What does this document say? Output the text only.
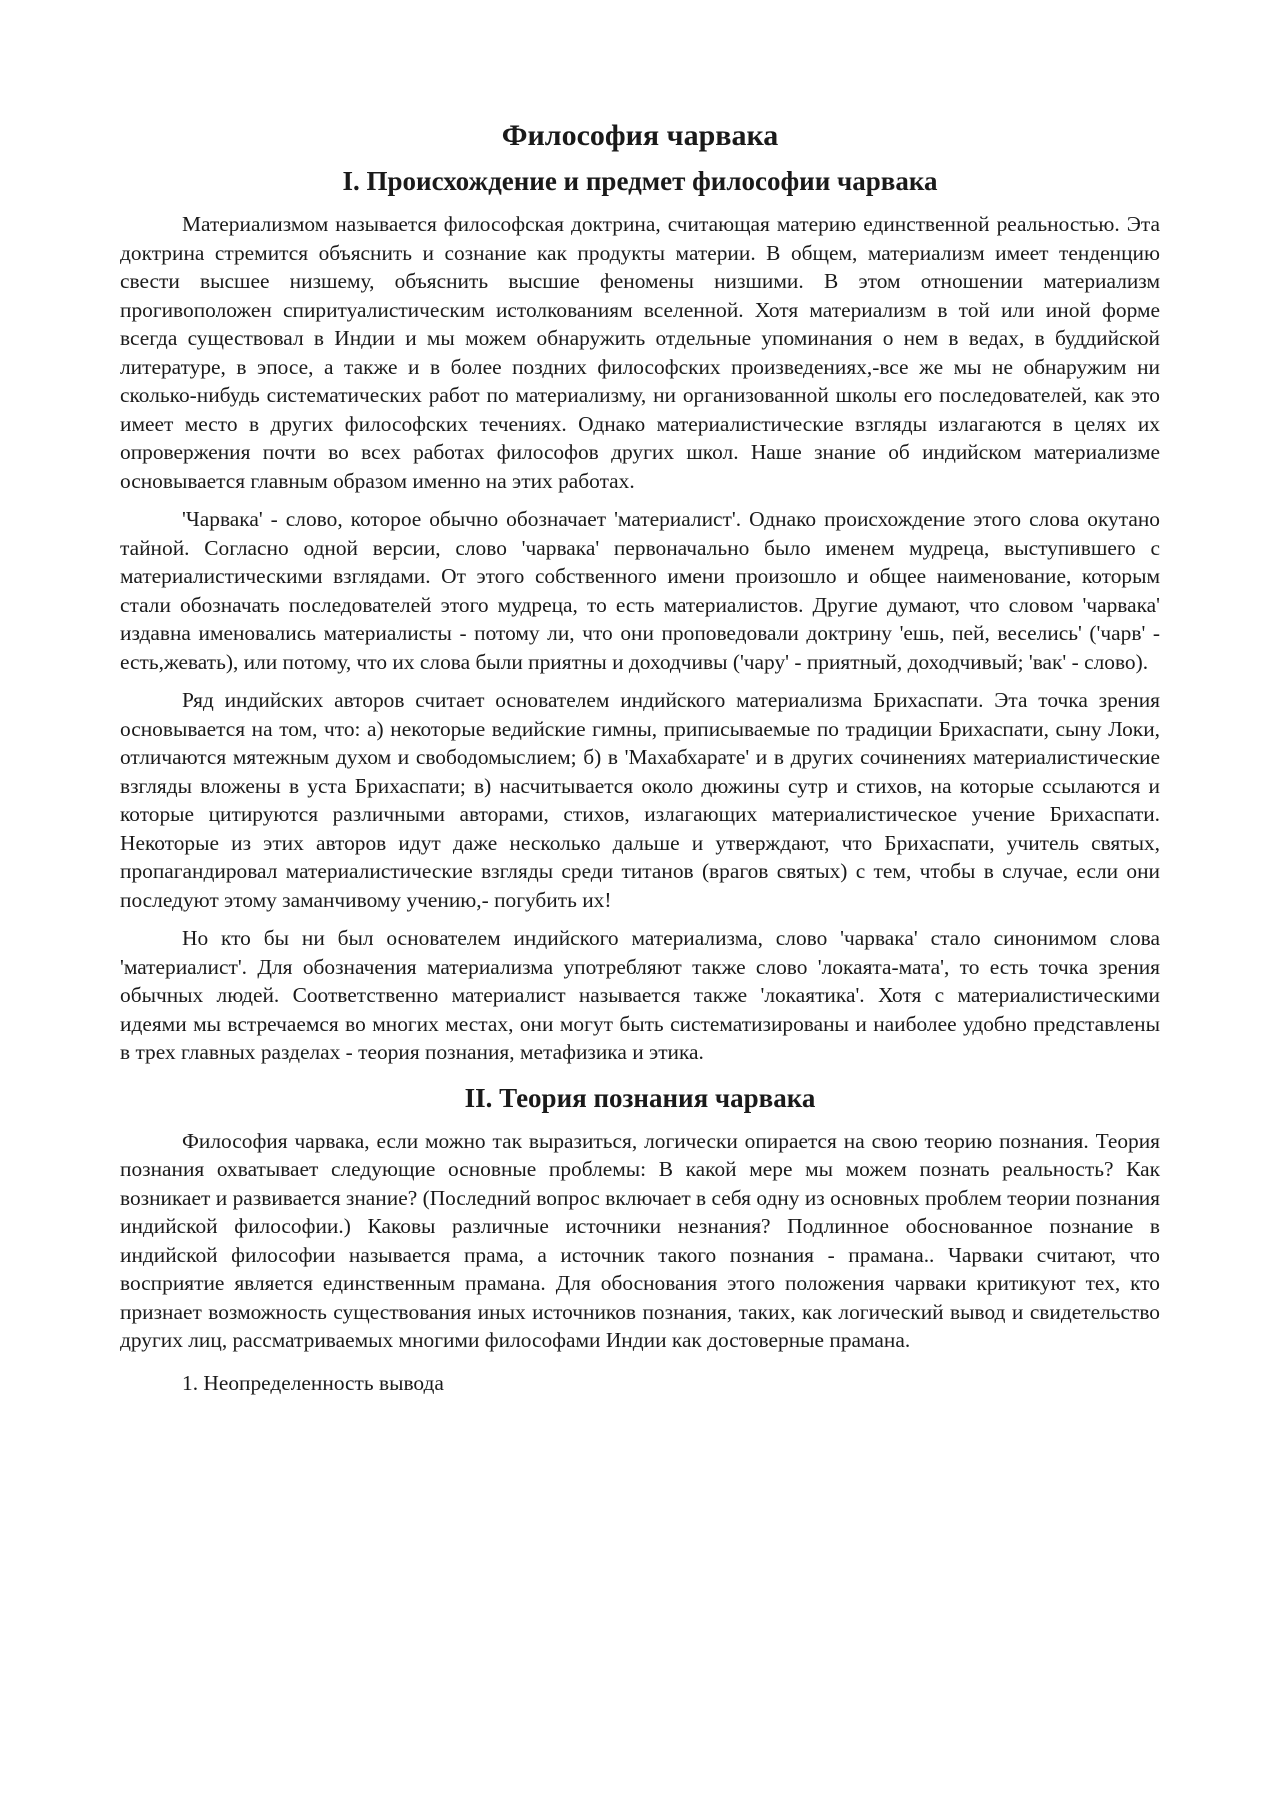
Философия чарвака
I. Происхождение и предмет философии чарвака

Материализмом называется философская доктрина, считающая материю единственной реальностью. Эта доктрина стремится объяснить и сознание как продукты материи. В общем, материализм имеет тенденцию свести высшее низшему, объяснить высшие феномены низшими. В этом отношении материализм прогивоположен спиритуалистическим истолкованиям вселенной. Хотя материализм в той или иной форме всегда существовал в Индии и мы можем обнаружить отдельные упоминания о нем в ведах, в буддийской литературе, в эпосе, а также и в более поздних философских произведениях,-все же мы не обнаружим ни сколько-нибудь систематических работ по материализму, ни организованной школы его последователей, как это имеет место в других философских течениях. Однако материалистические взгляды излагаются в целях их опровержения почти во всех работах философов других школ. Наше знание об индийском материализме основывается главным образом именно на этих работах.

'Чарвака' - слово, которое обычно обозначает 'материалист'. Однако происхождение этого слова окутано тайной. Согласно одной версии, слово 'чарвака' первоначально было именем мудреца, выступившего с материалистическими взглядами. От этого собственного имени произошло и общее наименование, которым стали обозначать последователей этого мудреца, то есть материалистов. Другие думают, что словом 'чарвака' издавна именовались материалисты - потому ли, что они проповедовали доктрину 'ешь, пей, веселись' ('чарв' - есть,жевать), или потому, что их слова были приятны и доходчивы ('чару' - приятный, доходчивый; 'вак' - слово).

Ряд индийских авторов считает основателем индийского материализма Брихаспати. Эта точка зрения основывается на том, что: а) некоторые ведийские гимны, приписываемые по традиции Брихаспати, сыну Локи, отличаются мятежным духом и свободомыслием; б) в 'Махабхарате' и в других сочинениях материалистические взгляды вложены в уста Брихаспати; в) насчитывается около дюжины сутр и стихов, на которые ссылаются и которые цитируются различными авторами, стихов, излагающих материалистическое учение Брихаспати. Некоторые из этих авторов идут даже несколько дальше и утверждают, что Брихаспати, учитель святых, пропагандировал материалистические взгляды среди титанов (врагов святых) с тем, чтобы в случае, если они последуют этому заманчивому учению,- погубить их!

Но кто бы ни был основателем индийского материализма, слово 'чарвака' стало синонимом слова 'материалист'. Для обозначения материализма употребляют также слово 'локаята-мата', то есть точка зрения обычных людей. Соответственно материалист называется также 'локаятика'. Хотя с материалистическими идеями мы встречаемся во многих местах, они могут быть систематизированы и наиболее удобно представлены в трех главных разделах - теория познания, метафизика и этика.

II. Теория познания чарвака

Философия чарвака, если можно так выразиться, логически опирается на свою теорию познания. Теория познания охватывает следующие основные проблемы: В какой мере мы можем познать реальность? Как возникает и развивается знание? (Последний вопрос включает в себя одну из основных проблем теории познания индийской философии.) Каковы различные источники незнания? Подлинное обоснованное познание в индийской философии называется прама, а источник такого познания - прамана.. Чарваки считают, что восприятие является единственным прамана. Для обоснования этого положения чарваки критикуют тех, кто признает возможность существования иных источников познания, таких, как логический вывод и свидетельство других лиц, рассматриваемых многими философами Индии как достоверные прамана.

1. Неопределенность вывода
